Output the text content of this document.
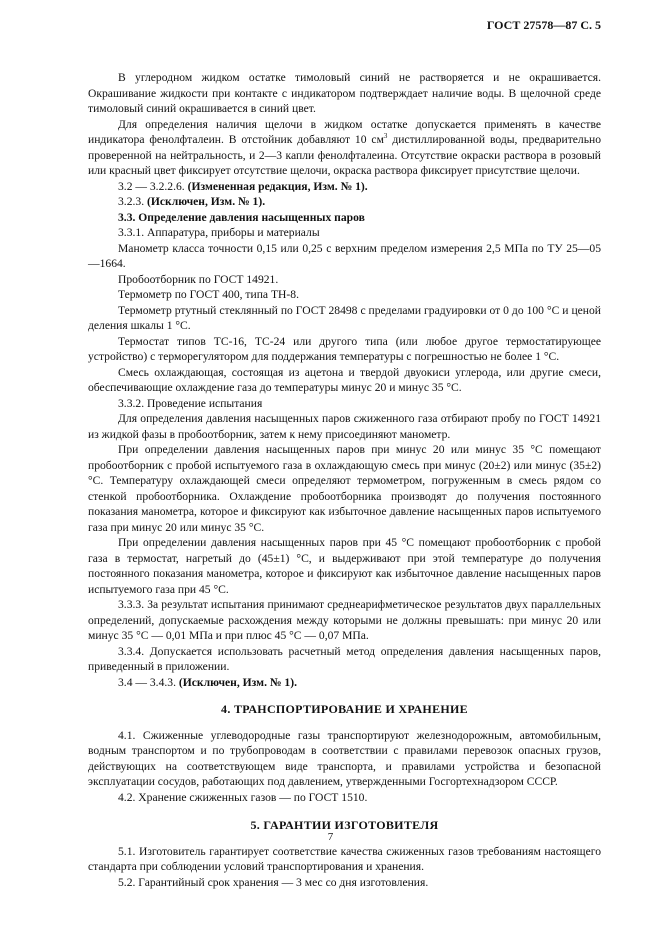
ГОСТ 27578—87 С. 5

В углеродном жидком остатке тимоловый синий не растворяется и не окрашивается. Окрашивание жидкости при контакте с индикатором подтверждает наличие воды. В щелочной среде тимоловый синий окрашивается в синий цвет.

Для определения наличия щелочи в жидком остатке допускается применять в качестве индикатора фенолфталеин. В отстойник добавляют 10 $см^3$ дистиллированной воды, предварительно проверенной на нейтральность, и 2—3 капли фенолфталеина. Отсутствие окраски раствора в розовый или красный цвет фиксирует отсутствие щелочи, окраска раствора фиксирует присутствие щелочи.

3.2 — 3.2.2.6. (Измененная редакция, Изм. № 1).

3.2.3. (Исключен, Изм. № 1).

3.3. Определение давления насыщенных паров

3.3.1. Аппаратура, приборы и материалы

Манометр класса точности 0,15 или 0,25 с верхним пределом измерения 2,5 МПа по ТУ 25—05—1664.

Пробоотборник по ГОСТ 14921.

Термометр по ГОСТ 400, типа ТН-8.

Термометр ртутный стеклянный по ГОСТ 28498 с пределами градуировки от 0 до 100 °С и ценой деления шкалы 1 °С.

Термостат типов ТС-16, ТС-24 или другого типа (или любое другое термостатирующее устройство) с терморегулятором для поддержания температуры с погрешностью не более 1 °С.

Смесь охлаждающая, состоящая из ацетона и твердой двуокиси углерода, или другие смеси, обеспечивающие охлаждение газа до температуры минус 20 и минус 35 °С.

3.3.2. Проведение испытания

Для определения давления насыщенных паров сжиженного газа отбирают пробу по ГОСТ 14921 из жидкой фазы в пробоотборник, затем к нему присоединяют манометр.

При определении давления насыщенных паров при минус 20 или минус 35 °С помещают пробоотборник с пробой испытуемого газа в охлаждающую смесь при минус (20±2) или минус (35±2) °С. Температуру охлаждающей смеси определяют термометром, погруженным в смесь рядом со стенкой пробоотборника. Охлаждение пробоотборника производят до получения постоянного показания манометра, которое и фиксируют как избыточное давление насыщенных паров испытуемого газа при минус 20 или минус 35 °С.

При определении давления насыщенных паров при 45 °С помещают пробоотборник с пробой газа в термостат, нагретый до (45±1) °С, и выдерживают при этой температуре до получения постоянного показания манометра, которое и фиксируют как избыточное давление насыщенных паров испытуемого газа при 45 °С.

3.3.3. За результат испытания принимают среднеарифметическое результатов двух параллельных определений, допускаемые расхождения между которыми не должны превышать: при минус 20 или минус 35 °С — 0,01 МПа и при плюс 45 °С — 0,07 МПа.

3.3.4. Допускается использовать расчетный метод определения давления насыщенных паров, приведенный в приложении.

3.4 — 3.4.3. (Исключен, Изм. № 1).

4. ТРАНСПОРТИРОВАНИЕ И ХРАНЕНИЕ

4.1. Сжиженные углеводородные газы транспортируют железнодорожным, автомобильным, водным транспортом и по трубопроводам в соответствии с правилами перевозок опасных грузов, действующих на соответствующем виде транспорта, и правилами устройства и безопасной эксплуатации сосудов, работающих под давлением, утвержденными Госгортехнадзором СССР.

4.2. Хранение сжиженных газов — по ГОСТ 1510.

5. ГАРАНТИИ ИЗГОТОВИТЕЛЯ

5.1. Изготовитель гарантирует соответствие качества сжиженных газов требованиям настоящего стандарта при соблюдении условий транспортирования и хранения.

5.2. Гарантийный срок хранения — 3 мес со дня изготовления.

7
